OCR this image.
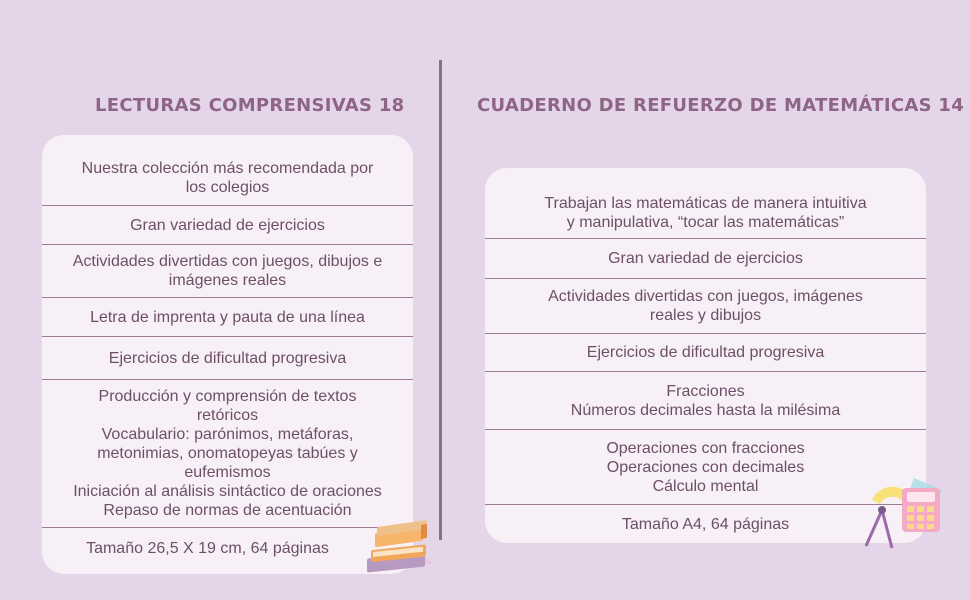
LECTURAS COMPRENSIVAS 18	CUADERNO DE REFUERZO DE MATEMÁTICAS 14
Nuestra colección más recomendada por
los colegios
Gran variedad de ejercicios
Actividades divertidas con juegos, dibujos e
imágenes reales
Letra de imprenta y pauta de una línea
Ejercicios de dificultad progresiva
Producción y comprensión de textos
retóricos
Vocabulario: parónimos, metáforas,
metonimias, onomatopeyas tabúes y
eufemismos
Iniciación al análisis sintáctico de oraciones
Repaso de normas de acentuación
Tamaño 26,5 X 19 cm, 64 páginas
Trabajan las matemáticas de manera intuitiva
y manipulativa, “tocar las matemáticas”
Gran variedad de ejercicios
Actividades divertidas con juegos, imágenes
reales y dibujos
Ejercicios de dificultad progresiva
Fracciones
Números decimales hasta la milésima
Operaciones con fracciones
Operaciones con decimales
Cálculo mental
Tamaño A4, 64 páginas
